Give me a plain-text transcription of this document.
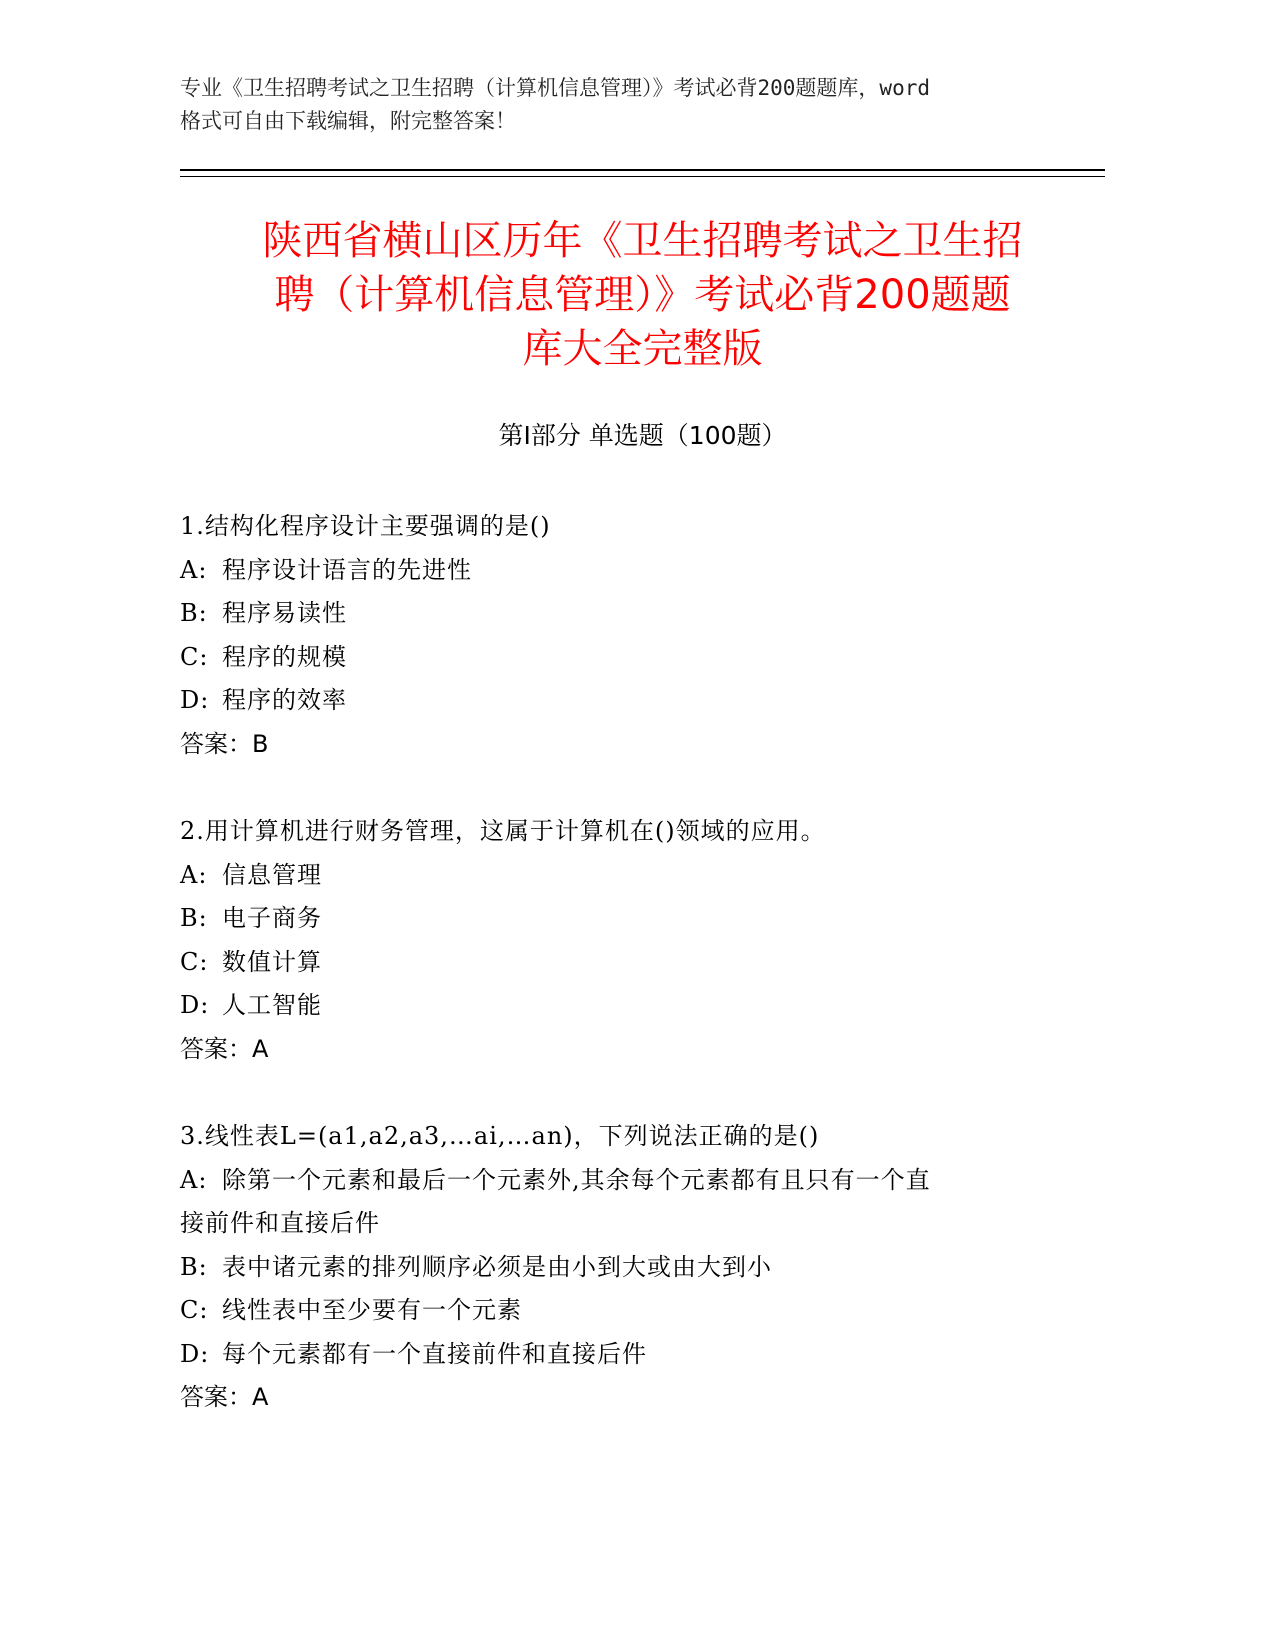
专业《卫生招聘考试之卫生招聘（计算机信息管理）》考试必背200题题库，word
格式可自由下载编辑，附完整答案！
陕西省横山区历年《卫生招聘考试之卫生招
聘（计算机信息管理）》考试必背200题题
库大全完整版
第Ⅰ部分 单选题（100题）

1.结构化程序设计主要强调的是()

A: 程序设计语言的先进性

B: 程序易读性

C: 程序的规模

D: 程序的效率

答案：B

2.用计算机进行财务管理，这属于计算机在()领域的应用。

A: 信息管理

B: 电子商务

C: 数值计算

D: 人工智能

答案：A

3.线性表L=(a1,a2,a3,…ai,…an)，下列说法正确的是()

A: 除第一个元素和最后一个元素外,其余每个元素都有且只有一个直

接前件和直接后件

B: 表中诸元素的排列顺序必须是由小到大或由大到小

C: 线性表中至少要有一个元素

D: 每个元素都有一个直接前件和直接后件

答案：A
